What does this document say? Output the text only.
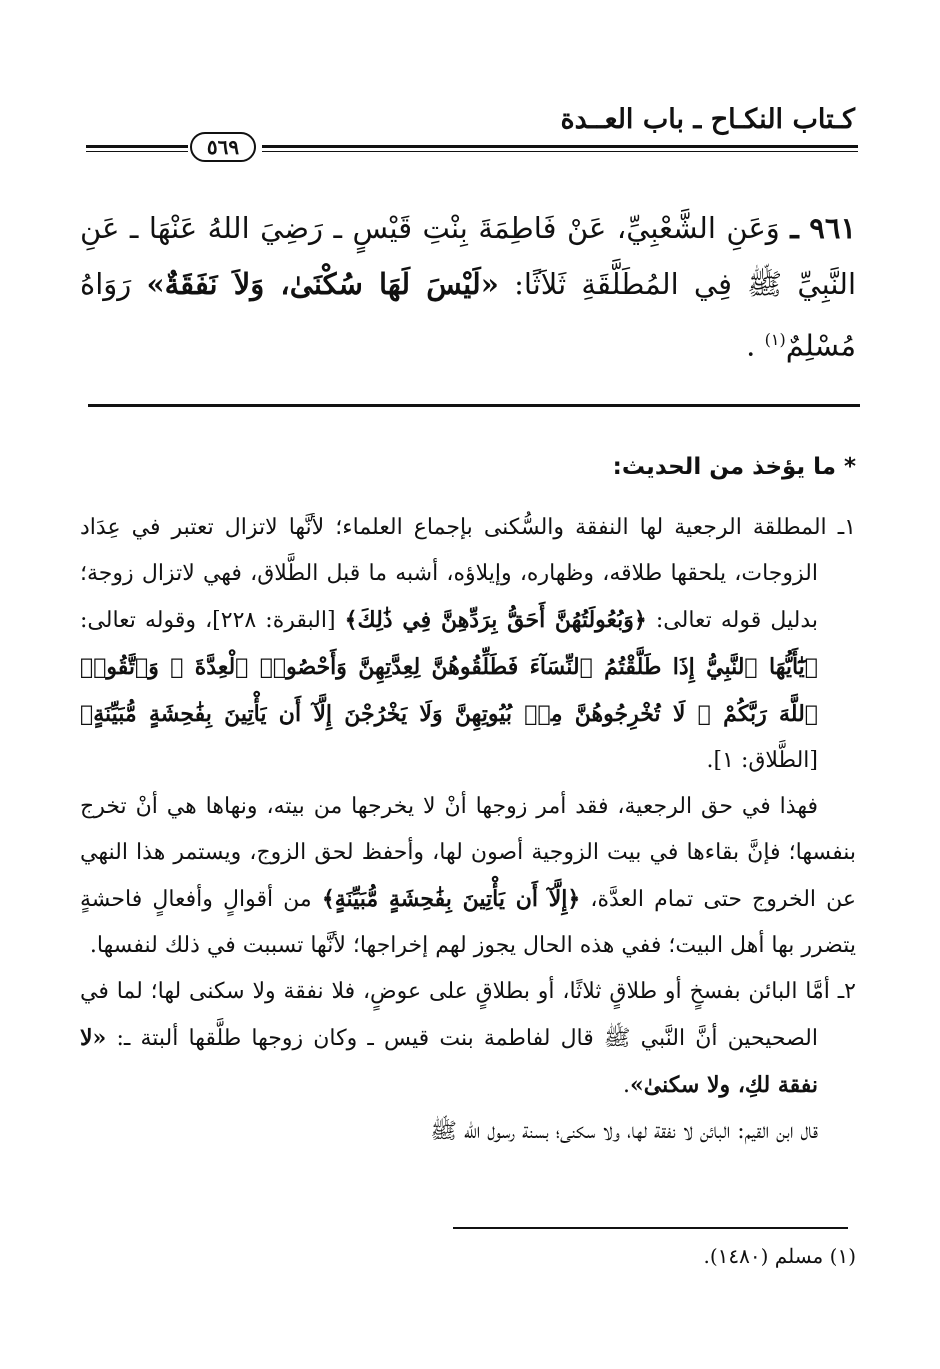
كـتاب النكـاح ـ باب العــدة
٥٦٩
٩٦١ ـ وَعَنِ الشَّعْبِيِّ، عَنْ فَاطِمَةَ بِنْتِ قَيْسٍ ـ رَضِيَ اللهُ عَنْهَا ـ عَنِ النَّبِيِّ ﷺ فِي المُطَلَّقَةِ ثَلاَثًا: «لَيْسَ لَهَا سُكْنَىٰ، وَلاَ نَفَقَةٌ» رَوَاهُ مُسْلِمٌ$^{(١)}$ .
* ما يؤخذ من الحديث:

١ـ المطلقة الرجعية لها النفقة والسُّكنى بإجماع العلماء؛ لأنَّها لاتزال تعتبر في عِدَاد الزوجات، يلحقها طلاقه، وظهاره، وإيلاؤه، أشبه ما قبل الطَّلاق، فهي لاتزال زوجة؛ بدليل قوله تعالى: ﴿وَبُعُولَتُهُنَّ أَحَقُّ بِرَدِّهِنَّ فِي ذَٰلِكَ﴾ [البقرة: ٢٢٨]، وقوله تعالى: ﴿يَٰٓأَيُّهَا ٱلنَّبِيُّ إِذَا طَلَّقْتُمُ ٱلنِّسَآءَ فَطَلِّقُوهُنَّ لِعِدَّتِهِنَّ وَأَحْصُوا۟ ٱلْعِدَّةَ ۖ وَٱتَّقُوا۟ ٱللَّهَ رَبَّكُمْ ۖ لَا تُخْرِجُوهُنَّ مِنۢ بُيُوتِهِنَّ وَلَا يَخْرُجْنَ إِلَّآ أَن يَأْتِينَ بِفَٰحِشَةٍ مُّبَيِّنَةٍ﴾ [الطَّلاق: ١].

فهذا في حق الرجعية، فقد أمر زوجها أنْ لا يخرجها من بيته، ونهاها هي أنْ تخرج بنفسها؛ فإنَّ بقاءها في بيت الزوجية أصون لها، وأحفظ لحق الزوج، ويستمر هذا النهي عن الخروج حتى تمام العدَّة، ﴿إِلَّآ أَن يَأْتِينَ بِفَٰحِشَةٍ مُّبَيِّنَةٍ﴾ من أقوالٍ وأفعالٍ فاحشةٍ يتضرر بها أهل البيت؛ ففي هذه الحال يجوز لهم إخراجها؛ لأنَّها تسببت في ذلك لنفسها.

٢ـ أمَّا البائن بفسخٍ أو طلاقٍ ثلاثًا، أو بطلاقٍ على عوضٍ، فلا نفقة ولا سكنى لها؛ لما في الصحيحين أنَّ النَّبي ﷺ قال لفاطمة بنت قيس ـ وكان زوجها طلَّقها ألبتة ـ: «لا نفقة لكِ، ولا سكنىٰ».

قال ابن القيم: البائن لا نفقة لها، ولا سكنى؛ بسنة رسول الله ﷺ

(١) مسلم (١٤٨٠).
